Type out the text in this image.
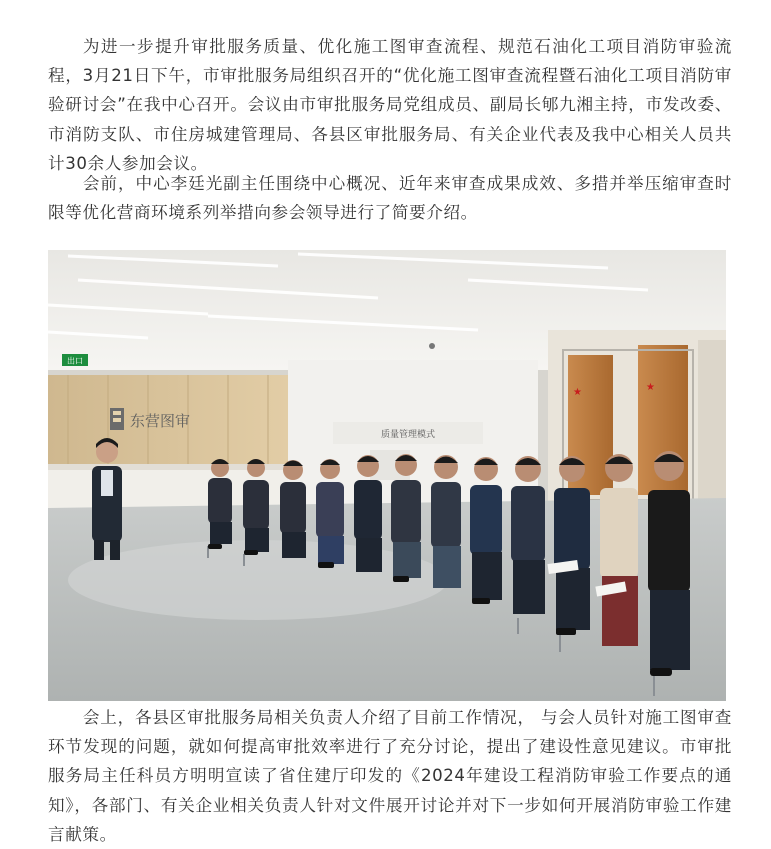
为进一步提升审批服务质量、优化施工图审查流程、规范石油化工项目消防审验流程，3月21日下午，市审批服务局组织召开的“优化施工图审查流程暨石油化工项目消防审验研讨会”在我中心召开。会议由市审批服务局党组成员、副局长郇九湘主持，市发改委、市消防支队、市住房城建管理局、各县区审批服务局、有关企业代表及我中心相关人员共计30余人参加会议。

会前，中心李廷光副主任围绕中心概况、近年来审查成果成效、多措并举压缩审查时限等优化营商环境系列举措向参会领导进行了简要介绍。

出口
东营图审
质量管理模式
★	★

会上，各县区审批服务局相关负责人介绍了目前工作情况， 与会人员针对施工图审查环节发现的问题，就如何提高审批效率进行了充分讨论，提出了建设性意见建议。市审批服务局主任科员方明明宣读了省住建厅印发的《2024年建设工程消防审验工作要点的通知》，各部门、有关企业相关负责人针对文件展开讨论并对下一步如何开展消防审验工作建言献策。
